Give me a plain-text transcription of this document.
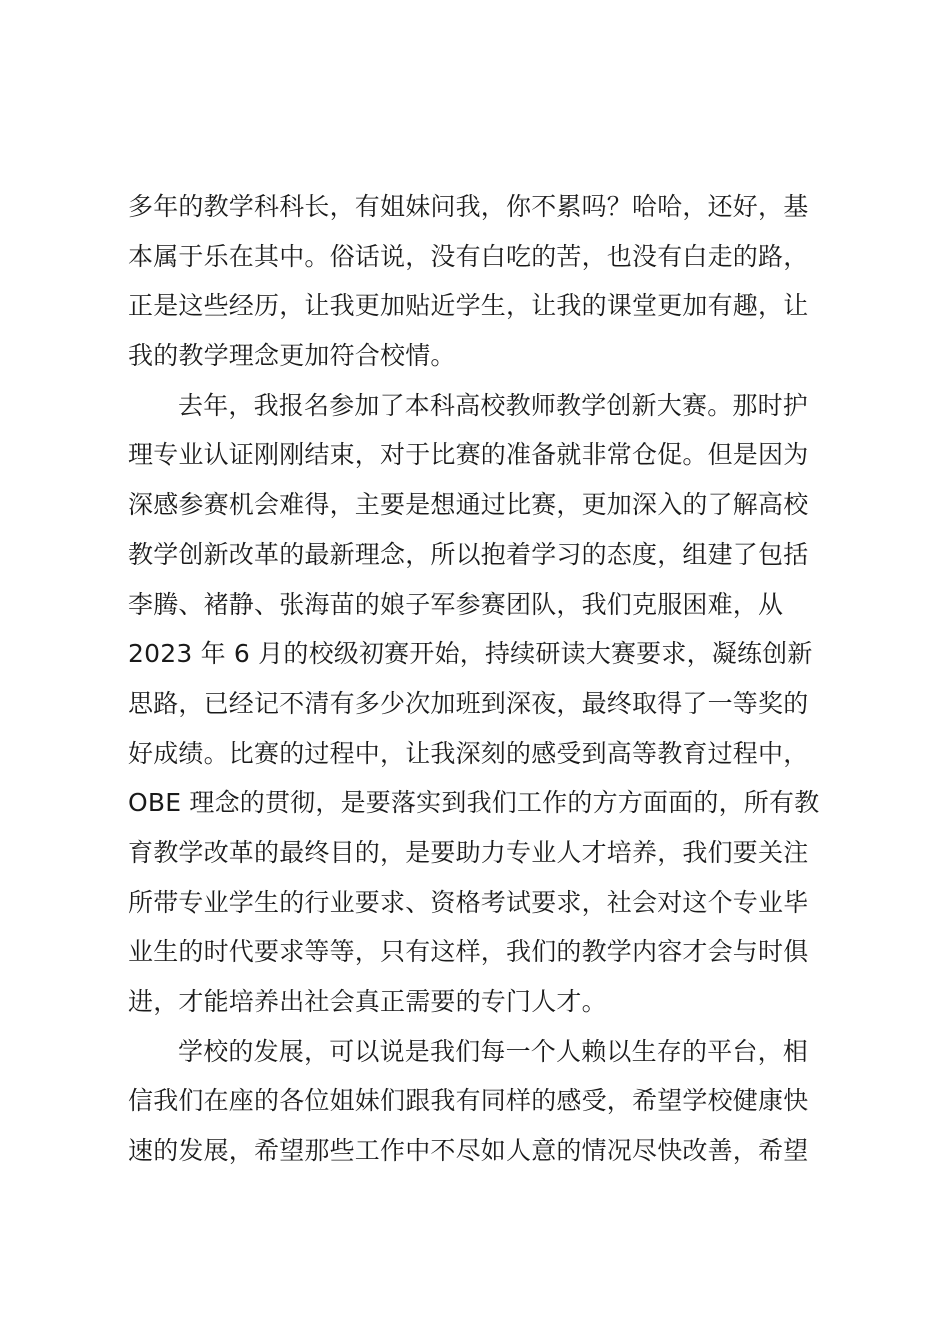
多年的教学科科长，有姐妹问我，你不累吗？哈哈，还好，基
本属于乐在其中。俗话说，没有白吃的苦，也没有白走的路，
正是这些经历，让我更加贴近学生，让我的课堂更加有趣，让
我的教学理念更加符合校情。
去年，我报名参加了本科高校教师教学创新大赛。那时护
理专业认证刚刚结束，对于比赛的准备就非常仓促。但是因为
深感参赛机会难得，主要是想通过比赛，更加深入的了解高校
教学创新改革的最新理念，所以抱着学习的态度，组建了包括
李腾、褚静、张海苗的娘子军参赛团队，我们克服困难，从
2023 年 6 月的校级初赛开始，持续研读大赛要求，凝练创新
思路，已经记不清有多少次加班到深夜，最终取得了一等奖的
好成绩。比赛的过程中，让我深刻的感受到高等教育过程中，
OBE 理念的贯彻，是要落实到我们工作的方方面面的，所有教
育教学改革的最终目的，是要助力专业人才培养，我们要关注
所带专业学生的行业要求、资格考试要求，社会对这个专业毕
业生的时代要求等等，只有这样，我们的教学内容才会与时俱
进，才能培养出社会真正需要的专门人才。
学校的发展，可以说是我们每一个人赖以生存的平台，相
信我们在座的各位姐妹们跟我有同样的感受，希望学校健康快
速的发展，希望那些工作中不尽如人意的情况尽快改善，希望
